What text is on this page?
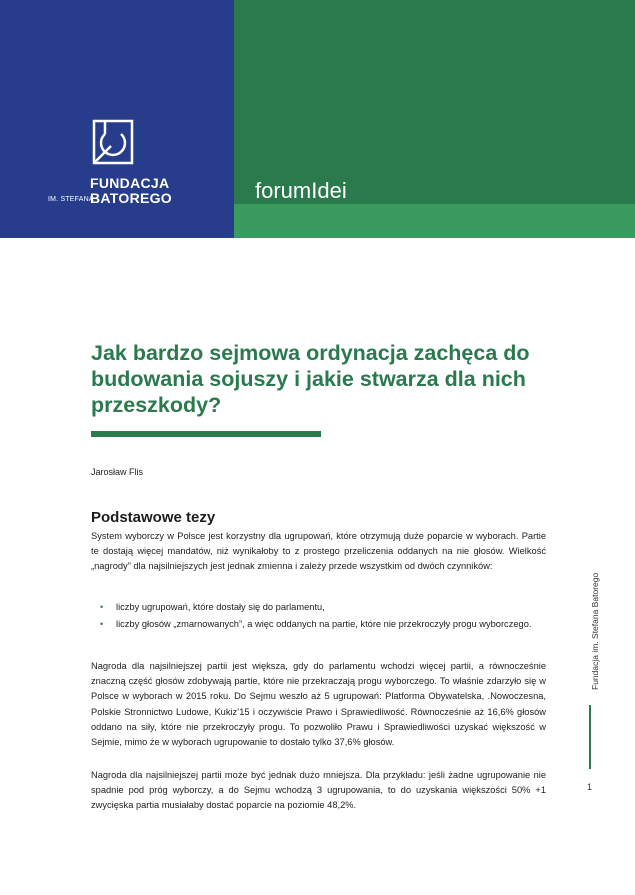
FUNDACJA
IM. STEFANA
BATOREGO	forumIdei
Jak bardzo sejmowa ordynacja zachęca do budowania sojuszy i jakie stwarza dla nich przeszkody?
Jarosław Flis
Podstawowe tezy
System wyborczy w Polsce jest korzystny dla ugrupowań, które otrzymują duże poparcie w wyborach. Partie te dostają więcej mandatów, niż wynikałoby to z prostego przeliczenia oddanych na nie głosów. Wielkość „nagrody” dla najsilniejszych jest jednak zmienna i zależy przede wszystkim od dwóch czynników:
• liczby ugrupowań, które dostały się do parlamentu,
• liczby głosów „zmarnowanych”, a więc oddanych na partie, które nie przekroczyły progu wyborczego.
Nagroda dla najsilniejszej partii jest większa, gdy do parlamentu wchodzi więcej partii, a równocześnie znaczną część głosów zdobywają partie, które nie przekraczają progu wyborczego. To właśnie zdarzyło się w Polsce w wyborach w 2015 roku. Do Sejmu weszło aż 5 ugrupowań: Platforma Obywatelska, .Nowoczesna, Polskie Stronnictwo Ludowe, Kukiz’15 i oczywiście Prawo i Sprawiedliwość. Równocześnie aż 16,6% głosów oddano na siły, które nie przekroczyły progu. To pozwoliło Prawu i Sprawiedliwości uzyskać większość w Sejmie, mimo że w wyborach ugrupowanie to dostało tylko 37,6% głosów.
Nagroda dla najsilniejszej partii może być jednak dużo mniejsza. Dla przykładu: jeśli żadne ugrupowanie nie spadnie pod próg wyborczy, a do Sejmu wchodzą 3 ugrupowania, to do uzyskania większości 50% +1 zwycięska partia musiałaby dostać poparcie na poziomie 48,2%.
Fundacja im. Stefana Batorego
1
